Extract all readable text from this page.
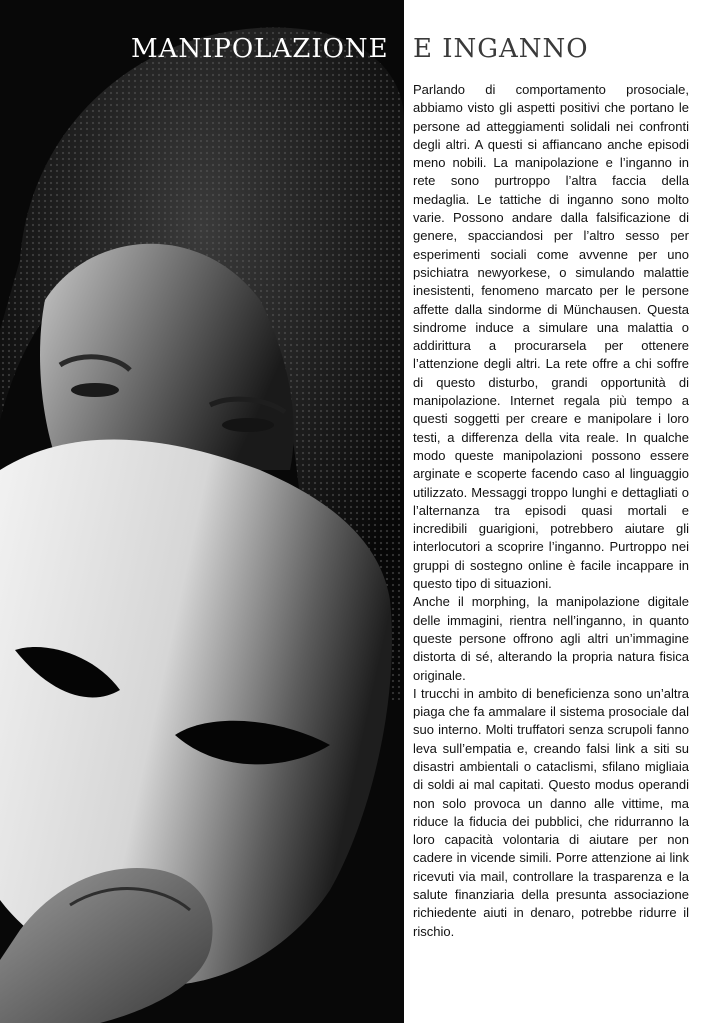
MANIPOLAZIONE E INGANNO

Parlando di comportamento prosociale, abbiamo visto gli aspetti positivi che portano le persone ad atteggiamenti solidali nei confronti degli altri. A questi si affiancano anche episodi meno nobili. La manipolazione e l’inganno in rete sono purtroppo l’altra faccia della medaglia. Le tattiche di inganno sono molto varie. Possono andare dalla falsificazione di genere, spacciandosi per l’altro sesso per esperimenti sociali come avvenne per uno psichiatra newyorkese, o simulando malattie inesistenti, fenomeno marcato per le persone affette dalla sindorme di Münchausen. Questa sindrome induce a simulare una malattia o addirittura a procurarsela per ottenere l’attenzione degli altri. La rete offre a chi soffre di questo disturbo, grandi opportunità di manipolazione. Internet regala più tempo a questi soggetti per creare e manipolare i loro testi, a differenza della vita reale. In qualche modo queste manipolazioni possono essere arginate e scoperte facendo caso al linguaggio utilizzato. Messaggi troppo lunghi e dettagliati o l’alternanza tra episodi quasi mortali e incredibili guarigioni, potrebbero aiutare gli interlocutori a scoprire l’inganno. Purtroppo nei gruppi di sostegno online è facile incappare in questo tipo di situazioni.

Anche il morphing, la manipolazione digitale delle immagini, rientra nell’inganno, in quanto queste persone offrono agli altri un’immagine distorta di sé, alterando la propria natura fisica originale.

I trucchi in ambito di beneficienza sono un’altra piaga che fa ammalare il sistema prosociale dal suo interno. Molti truffatori senza scrupoli fanno leva sull’empatia e, creando falsi link a siti su disastri ambientali o cataclismi, sfilano migliaia di soldi ai mal capitati. Questo modus operandi non solo provoca un danno alle vittime, ma riduce la fiducia dei pubblici, che ridurranno la loro capacità volontaria di aiutare per non cadere in vicende simili. Porre attenzione ai link ricevuti via mail, controllare la trasparenza e la salute finanziaria della presunta associazione richiedente aiuti in denaro, potrebbe ridurre il rischio.
